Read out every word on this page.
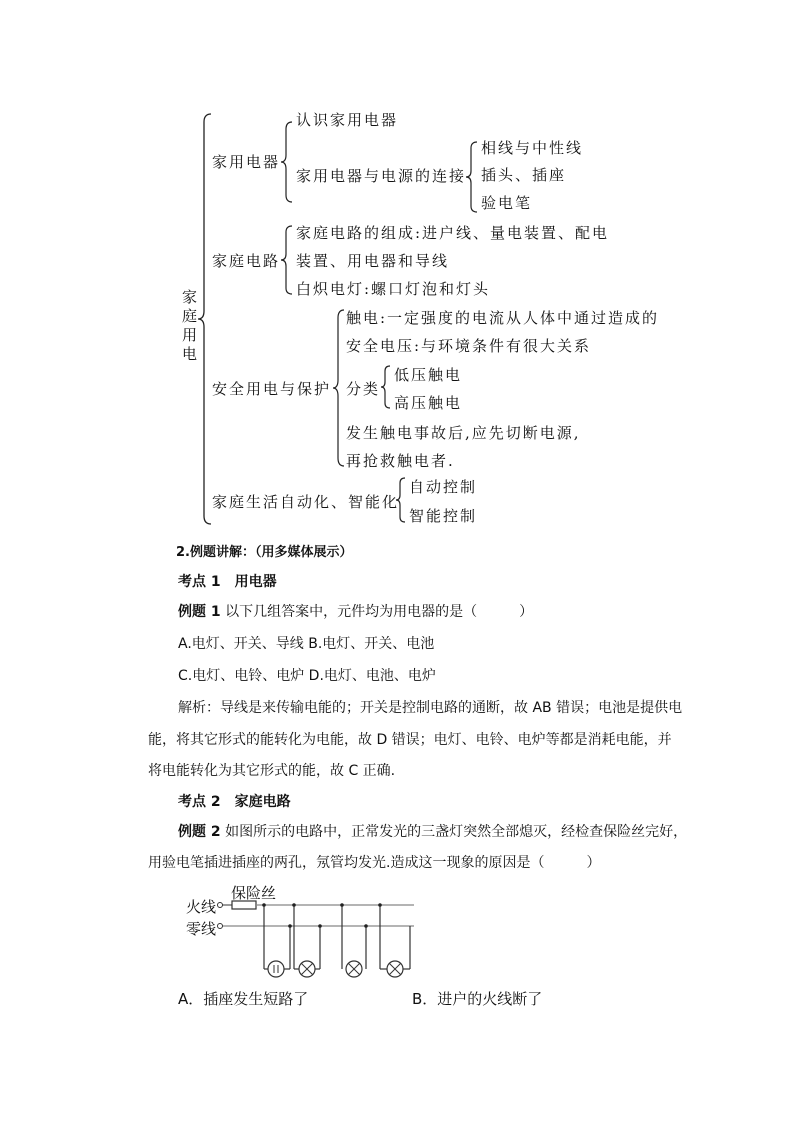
家庭用电
家用电器
认识家用电器
家用电器与电源的连接
相线与中性线
插头、插座
验电笔
家庭电路
家庭电路的组成:进户线、量电装置、配电
装置、用电器和导线
白炽电灯:螺口灯泡和灯头
安全用电与保护
触电:一定强度的电流从人体中通过造成的
安全电压:与环境条件有很大关系
分类
低压触电
高压触电
发生触电事故后,应先切断电源,
再抢救触电者.
家庭生活自动化、智能化
自动控制
智能控制
2.例题讲解：（用多媒体展示）
考点 1　用电器
例题 1 以下几组答案中，元件均为用电器的是（　　　）
A.电灯、开关、导线 B.电灯、开关、电池
C.电灯、电铃、电炉 D.电灯、电池、电炉
解析：导线是来传输电能的；开关是控制电路的通断，故 AB 错误；电池是提供电
能，将其它形式的能转化为电能，故 D 错误；电灯、电铃、电炉等都是消耗电能，并
将电能转化为其它形式的能，故 C 正确.
考点 2　家庭电路
例题 2 如图所示的电路中，正常发光的三盏灯突然全部熄灭，经检查保险丝完好，
用验电笔插进插座的两孔，氖管均发光.造成这一现象的原因是（　　　）
火线
零线
保险丝
A．插座发生短路了	B．进户的火线断了
